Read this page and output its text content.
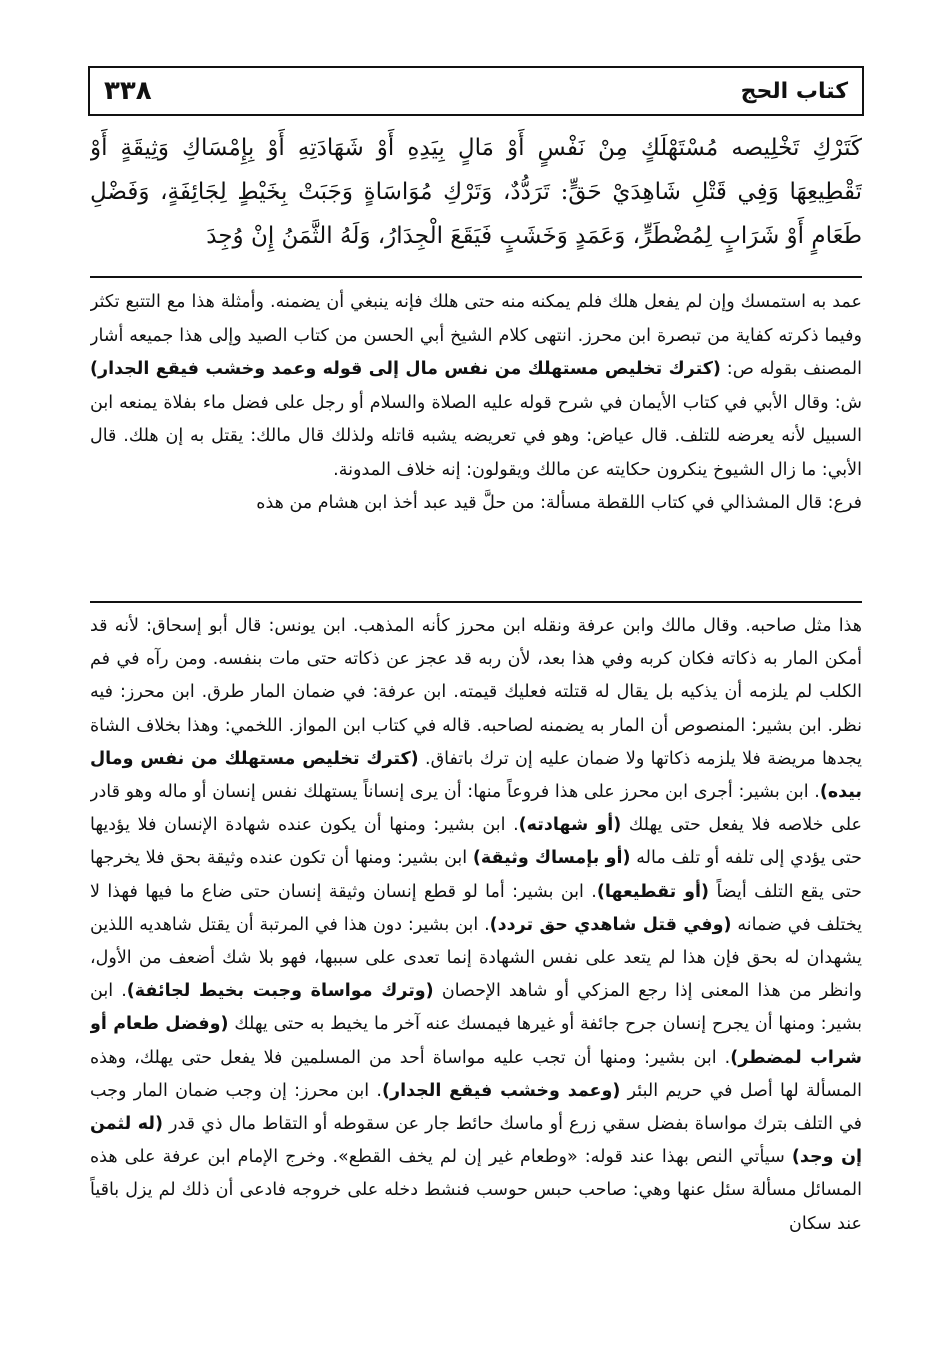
٣٣٨	كتاب الحج

كَتَرْكِ تَخْلِيصه مُسْتَهْلَكٍ مِنْ نَفْسٍ أَوْ مَالٍ بِيَدِهِ أَوْ شَهَادَتِهِ أَوْ بِإِمْسَاكِ وَثِيقَةٍ أَوْ تَقْطِيعِهَا وَفِي قَتْلِ شَاهِدَيْ حَقٍّ: تَرَدُّدٌ، وَتَرْكِ مُوَاسَاةٍ وَجَبَتْ بِخَيْطٍ لِجَائِفَةٍ، وَفَضْلِ طَعَامٍ أَوْ شَرَابٍ لِمُضْطَرٍّ، وَعَمَدٍ وَخَشَبٍ فَيَقَعَ الْجِدَارُ، وَلَهُ الثَّمَنُ إِنْ وُجِدَ

عمد به استمسك وإن لم يفعل هلك فلم يمكنه منه حتى هلك فإنه ينبغي أن يضمنه. وأمثلة هذا مع التتبع تكثر وفيما ذكرته كفاية من تبصرة ابن محرز. انتهى كلام الشيخ أبي الحسن من كتاب الصيد وإلى هذا جميعه أشار المصنف بقوله ص: (كترك تخليص مستهلك من نفس مال إلى قوله وعمد وخشب فيقع الجدار) ش: وقال الأبي في كتاب الأيمان في شرح قوله عليه الصلاة والسلام أو رجل على فضل ماء بفلاة يمنعه ابن السبيل لأنه يعرضه للتلف. قال عياض: وهو في تعريضه يشبه قاتله ولذلك قال مالك: يقتل به إن هلك. قال الأبي: ما زال الشيوخ ينكرون حكايته عن مالك ويقولون: إنه خلاف المدونة.

فرع: قال المشذالي في كتاب اللقطة مسألة: من حلَّ قيد عبد أخذ ابن هشام من هذه

هذا مثل صاحبه. وقال مالك وابن عرفة ونقله ابن محرز كأنه المذهب. ابن يونس: قال أبو إسحاق: لأنه قد أمكن المار به ذكاته فكان كربه وفي هذا بعد، لأن ربه قد عجز عن ذكاته حتى مات بنفسه. ومن رآه في فم الكلب لم يلزمه أن يذكيه بل يقال له قتلته فعليك قيمته. ابن عرفة: في ضمان المار طرق. ابن محرز: فيه نظر. ابن بشير: المنصوص أن المار به يضمنه لصاحبه. قاله في كتاب ابن المواز. اللخمي: وهذا بخلاف الشاة يجدها مريضة فلا يلزمه ذكاتها ولا ضمان عليه إن ترك باتفاق. (كترك تخليص مستهلك من نفس ومال بيده). ابن بشير: أجرى ابن محرز على هذا فروعاً منها: أن يرى إنساناً يستهلك نفس إنسان أو ماله وهو قادر على خلاصه فلا يفعل حتى يهلك (أو شهادته). ابن بشير: ومنها أن يكون عنده شهادة الإنسان فلا يؤديها حتى يؤدي إلى تلفه أو تلف ماله (أو بإمساك وثيقة) ابن بشير: ومنها أن تكون عنده وثيقة بحق فلا يخرجها حتى يقع التلف أيضاً (أو تقطيعها). ابن بشير: أما لو قطع إنسان وثيقة إنسان حتى ضاع ما فيها فهذا لا يختلف في ضمانه (وفي قتل شاهدي حق تردد). ابن بشير: دون هذا في المرتبة أن يقتل شاهديه اللذين يشهدان له بحق فإن هذا لم يتعد على نفس الشهادة إنما تعدى على سببها، فهو بلا شك أضعف من الأول، وانظر من هذا المعنى إذا رجع المزكي أو شاهد الإحصان (وترك مواساة وجبت بخيط لجائفة). ابن بشير: ومنها أن يجرح إنسان جرح جائفة أو غيرها فيمسك عنه آخر ما يخيط به حتى يهلك (وفضل طعام أو شراب لمضطر). ابن بشير: ومنها أن تجب عليه مواساة أحد من المسلمين فلا يفعل حتى يهلك، وهذه المسألة لها أصل في حريم البئر (وعمد وخشب فيقع الجدار). ابن محرز: إن وجب ضمان المار وجب في التلف بترك مواساة بفضل سقي زرع أو ماسك حائط جار عن سقوطه أو التقاط مال ذي قدر (له لثمن إن وجد) سيأتي النص بهذا عند قوله: «وطعام غير إن لم يخف القطع». وخرج الإمام ابن عرفة على هذه المسائل مسألة سئل عنها وهي: صاحب حبس حوسب فنشط دخله على خروجه فادعى أن ذلك لم يزل باقياً عند سكان
